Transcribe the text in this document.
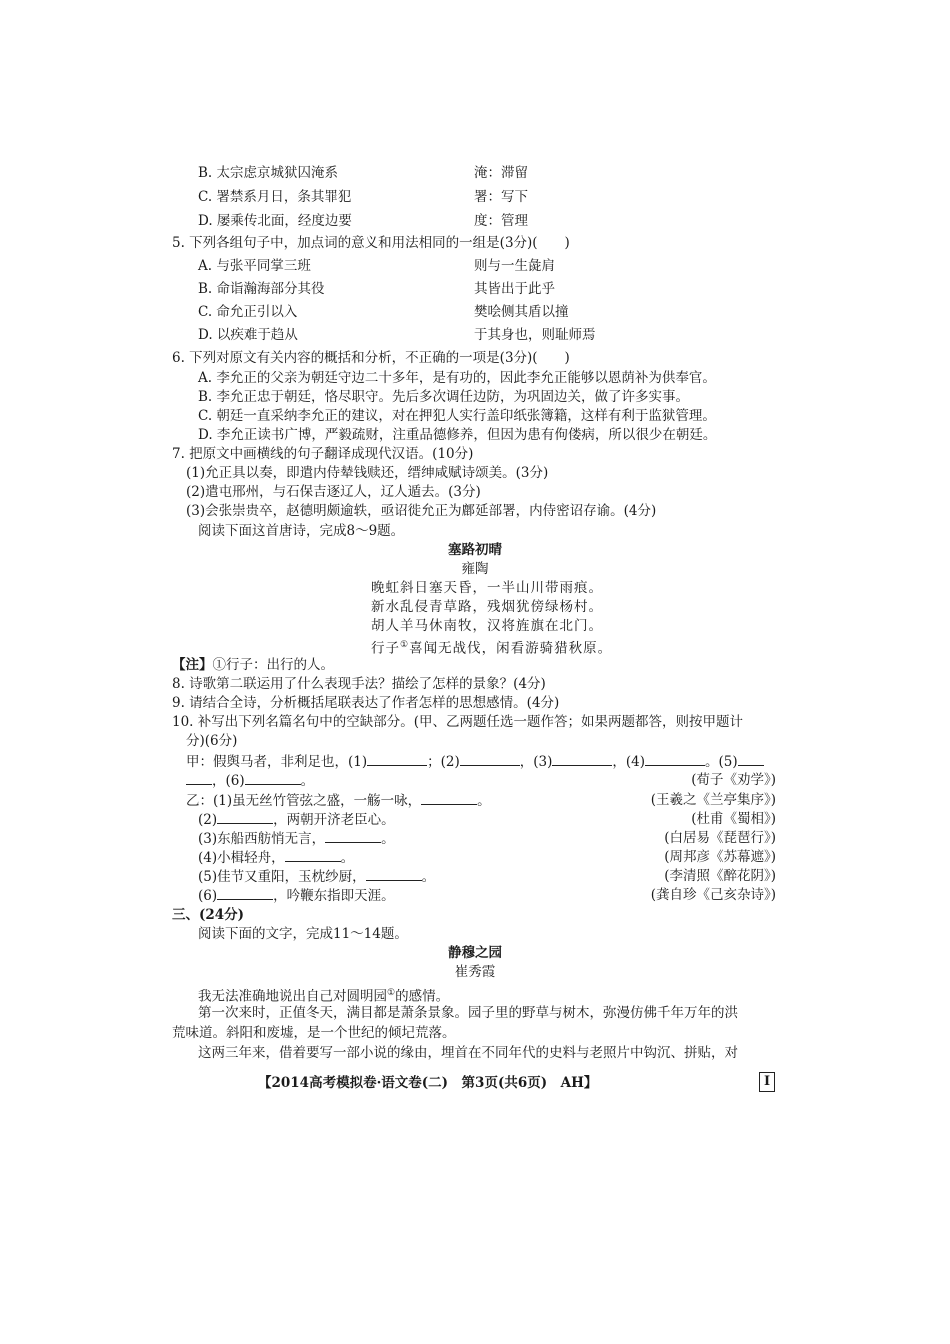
B. 太宗虑京城狱囚淹系	淹：滞留
C. 署禁系月日，条其罪犯	署：写下
D. 屡乘传北面，经度边要	度：管理
5. 下列各组句子中，加点词的意义和用法相同的一组是(3分)(　　)
A. 与张平同掌三班	则与一生彘肩
B. 命诣瀚海部分其役	其皆出于此乎
C. 命允正引以入	樊哙侧其盾以撞
D. 以疾难于趋从	于其身也，则耻师焉
6. 下列对原文有关内容的概括和分析，不正确的一项是(3分)(　　)
A. 李允正的父亲为朝廷守边二十多年，是有功的，因此李允正能够以恩荫补为供奉官。
B. 李允正忠于朝廷，恪尽职守。先后多次调任边防，为巩固边关，做了许多实事。
C. 朝廷一直采纳李允正的建议，对在押犯人实行盖印纸张簿籍，这样有利于监狱管理。
D. 李允正读书广博，严毅疏财，注重品德修养，但因为患有佝偻病，所以很少在朝廷。
7. 把原文中画横线的句子翻译成现代汉语。(10分)
(1)允正具以奏，即遣内侍辇钱赎还，缙绅咸赋诗颂美。(3分)
(2)遣屯邢州，与石保吉逐辽人，辽人遁去。(3分)
(3)会张崇贵卒，赵德明颇逾轶，亟诏徙允正为鄜延部署，内侍密诏存谕。(4分)
阅读下面这首唐诗，完成8～9题。
塞路初晴
雍陶
晚虹斜日塞天昏，一半山川带雨痕。
新水乱侵青草路，残烟犹傍绿杨村。
胡人羊马休南牧，汉将旌旗在北门。
行子①喜闻无战伐，闲看游骑猎秋原。
【注】①行子：出行的人。
8. 诗歌第二联运用了什么表现手法？描绘了怎样的景象？(4分)
9. 请结合全诗，分析概括尾联表达了作者怎样的思想感情。(4分)
10. 补写出下列名篇名句中的空缺部分。(甲、乙两题任选一题作答；如果两题都答，则按甲题计
分)(6分)
甲：假舆马者，非利足也，(1)	；(2)	，(3)	，(4)	。(5)
，(6)	。	(荀子《劝学》)
乙：(1)虽无丝竹管弦之盛，一觞一咏，	。	(王羲之《兰亭集序》)
(2)	，两朝开济老臣心。	(杜甫《蜀相》)
(3)东船西舫悄无言，	。	(白居易《琵琶行》)
(4)小楫轻舟，	。	(周邦彦《苏幕遮》)
(5)佳节又重阳，玉枕纱厨，	。	(李清照《醉花阴》)
(6)	，吟鞭东指即天涯。	(龚自珍《己亥杂诗》)
三、(24分)
阅读下面的文字，完成11～14题。
静穆之园
崔秀霞
我无法准确地说出自己对圆明园①的感情。
第一次来时，正值冬天，满目都是萧条景象。园子里的野草与树木，弥漫仿佛千年万年的洪
荒味道。斜阳和废墟，是一个世纪的倾圮荒落。
这两三年来，借着要写一部小说的缘由，埋首在不同年代的史料与老照片中钩沉、拼贴，对
【2014高考模拟卷·语文卷(二)　第3页(共6页)　AH】	I
